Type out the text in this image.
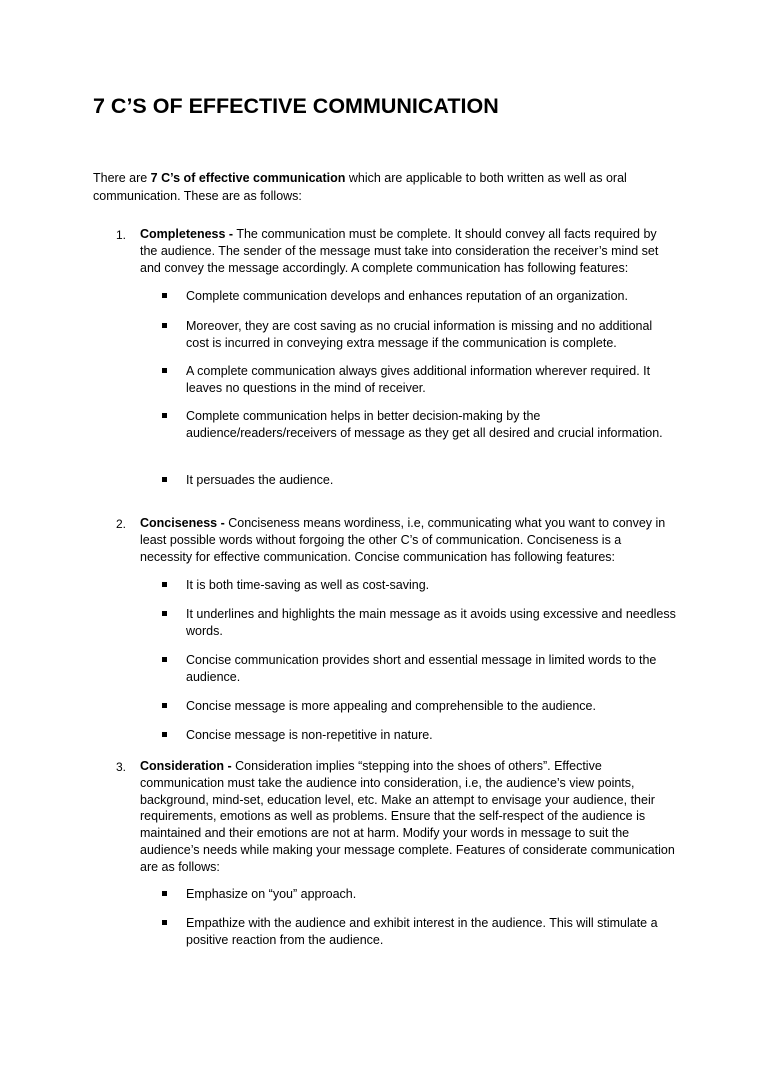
7 C’S OF EFFECTIVE COMMUNICATION

There are 7 C’s of effective communication which are applicable to both written as well as oral communication. These are as follows:

1. Completeness - The communication must be complete. It should convey all facts required by the audience. The sender of the message must take into consideration the receiver’s mind set and convey the message accordingly. A complete communication has following features:

Complete communication develops and enhances reputation of an organization.

Moreover, they are cost saving as no crucial information is missing and no additional cost is incurred in conveying extra message if the communication is complete.

A complete communication always gives additional information wherever required. It leaves no questions in the mind of receiver.

Complete communication helps in better decision-making by the audience/readers/receivers of message as they get all desired and crucial information.

It persuades the audience.

2. Conciseness - Conciseness means wordiness, i.e, communicating what you want to convey in least possible words without forgoing the other C’s of communication. Conciseness is a necessity for effective communication. Concise communication has following features:

It is both time-saving as well as cost-saving.

It underlines and highlights the main message as it avoids using excessive and needless words.

Concise communication provides short and essential message in limited words to the audience.

Concise message is more appealing and comprehensible to the audience.

Concise message is non-repetitive in nature.

3. Consideration - Consideration implies “stepping into the shoes of others”. Effective communication must take the audience into consideration, i.e, the audience’s view points, background, mind-set, education level, etc. Make an attempt to envisage your audience, their requirements, emotions as well as problems. Ensure that the self-respect of the audience is maintained and their emotions are not at harm. Modify your words in message to suit the audience’s needs while making your message complete. Features of considerate communication are as follows:

Emphasize on “you” approach.

Empathize with the audience and exhibit interest in the audience. This will stimulate a positive reaction from the audience.
